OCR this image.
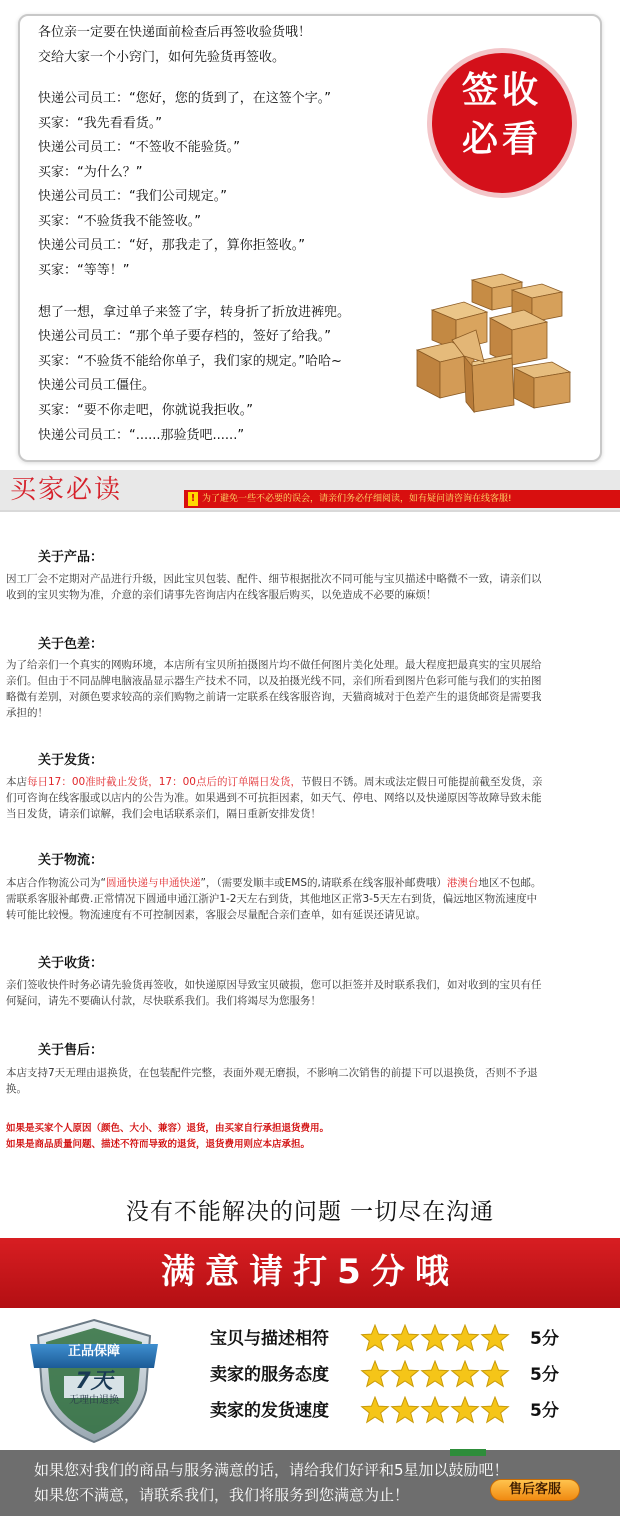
各位亲一定要在快递面前检查后再签收验货哦！
交给大家一个小窍门，如何先验货再签收。
快递公司员工：“您好，您的货到了，在这签个字。”
买家：“我先看看货。”
快递公司员工：“不签收不能验货。”
买家：“为什么？”
快递公司员工：“我们公司规定。”
买家：“不验货我不能签收。”
快递公司员工：“好，那我走了，算你拒签收。”
买家：“等等！”
想了一想，拿过单子来签了字，转身折了折放进裤兜。
快递公司员工：“那个单子要存档的，签好了给我。”
买家：“不验货不能给你单子，我们家的规定。”哈哈~
快递公司员工僵住。
买家：“要不你走吧，你就说我拒收。”
快递公司员工：“......那验货吧......”
签收
必看
买家必读	! 为了避免一些不必要的误会，请亲们务必仔细阅读，如有疑问请咨询在线客服!
关于产品：
因工厂会不定期对产品进行升级，因此宝贝包装、配件、细节根据批次不同可能与宝贝描述中略微不一致，请亲们以
收到的宝贝实物为准，介意的亲们请事先咨询店内在线客服后购买，以免造成不必要的麻烦！
关于色差：
为了给亲们一个真实的网购环境，本店所有宝贝所拍摄图片均不做任何图片美化处理。最大程度把最真实的宝贝展给
亲们。但由于不同品牌电脑液晶显示器生产技术不同，以及拍摄光线不同，亲们所看到图片色彩可能与我们的实拍图
略微有差别，对颜色要求较高的亲们购物之前请一定联系在线客服咨询，天猫商城对于色差产生的退货邮资是需要我
承担的！
关于发货：
本店每日17：00准时截止发货，17：00点后的订单隔日发货，节假日不锈。周末或法定假日可能提前截至发货，亲
们可咨询在线客服或以店内的公告为准。如果遇到不可抗拒因素，如天气、停电、网络以及快递原因等故障导致未能
当日发货，请亲们谅解，我们会电话联系亲们，隔日重新安排发货！
关于物流：
本店合作物流公司为“圆通快递与申通快递”，（需要发顺丰或EMS的,请联系在线客服补邮费哦）港澳台地区不包邮。
需联系客服补邮费.正常情况下圆通申通江浙沪1-2天左右到货，其他地区正常3-5天左右到货，偏远地区物流速度中
转可能比较慢。物流速度有不可控制因素，客服会尽量配合亲们查单，如有延误还请见谅。
关于收货：
亲们签收快件时务必请先验货再签收，如快递原因导致宝贝破损，您可以拒签并及时联系我们，如对收到的宝贝有任
何疑问，请先不要确认付款，尽快联系我们。我们将竭尽为您服务！
关于售后：
本店支持7天无理由退换货，在包装配件完整，表面外观无磨损，不影响二次销售的前提下可以退换货，否则不予退
换。
如果是买家个人原因（颜色、大小、兼容）退货，由买家自行承担退货费用。
如果是商品质量问题、描述不符而导致的退货，退货费用则应本店承担。
没有不能解决的问题 一切尽在沟通
满意请打5分哦
正品保障
7天
无理由退换
宝贝与描述相符	5分
卖家的服务态度	5分
卖家的发货速度	5分
如果您对我们的商品与服务满意的话，请给我们好评和5星加以鼓励吧！
如果您不满意，请联系我们，我们将服务到您满意为止！	售后客服
